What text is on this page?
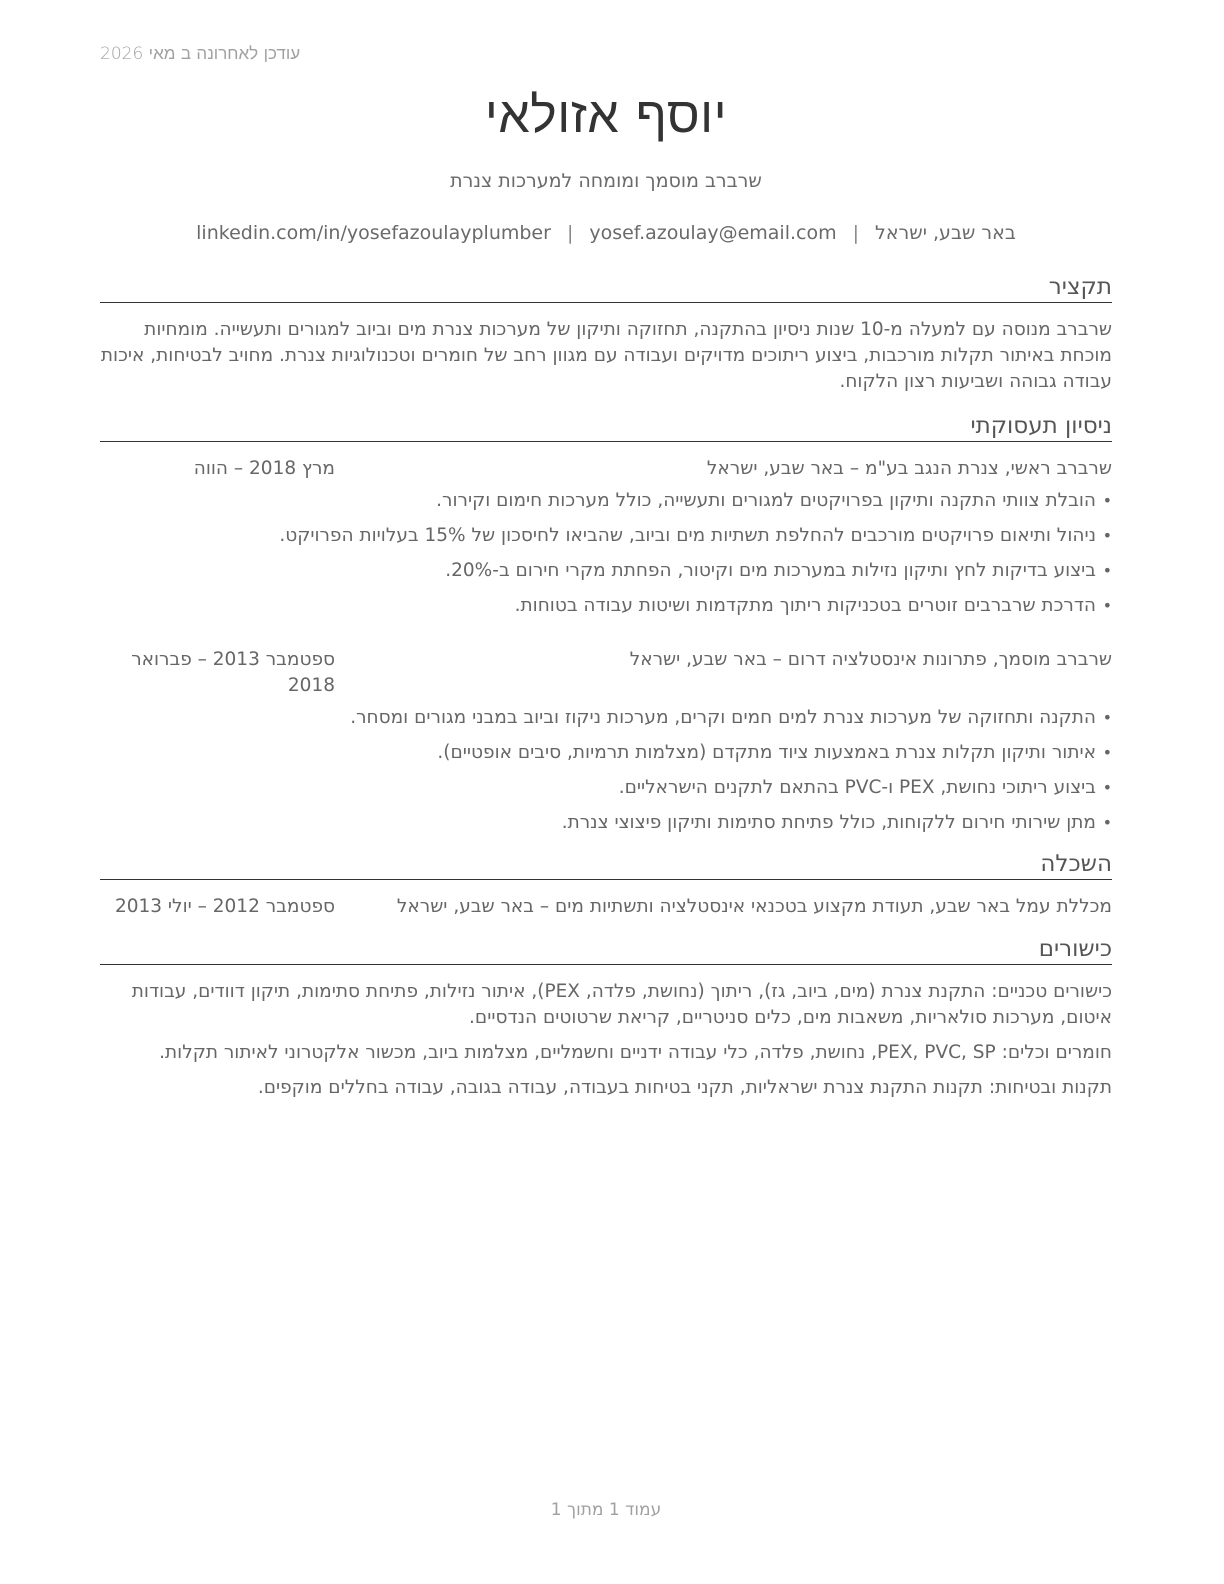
עודכן לאחרונה ב מאי 2026
יוסף אזולאי
שרברב מוסמך ומומחה למערכות צנרת
באר שבע, ישראל|yosef.azoulay@email.com|linkedin.com/in/yosefazoulayplumber
תקציר
שרברב מנוסה עם למעלה מ-10 שנות ניסיון בהתקנה, תחזוקה ותיקון של מערכות צנרת מים וביוב למגורים ותעשייה. מומחיות מוכחת באיתור תקלות מורכבות, ביצוע ריתוכים מדויקים ועבודה עם מגוון רחב של חומרים וטכנולוגיות צנרת. מחויב לבטיחות, איכות עבודה גבוהה ושביעות רצון הלקוח.
ניסיון תעסוקתי
שרברב ראשי, צנרת הנגב בע"מ – באר שבע, ישראל
מרץ 2018 – הווה
• הובלת צוותי התקנה ותיקון בפרויקטים למגורים ותעשייה, כולל מערכות חימום וקירור.
• ניהול ותיאום פרויקטים מורכבים להחלפת תשתיות מים וביוב, שהביאו לחיסכון של 15% בעלויות הפרויקט.
• ביצוע בדיקות לחץ ותיקון נזילות במערכות מים וקיטור, הפחתת מקרי חירום ב-20%.
• הדרכת שרברבים זוטרים בטכניקות ריתוך מתקדמות ושיטות עבודה בטוחות.
שרברב מוסמך, פתרונות אינסטלציה דרום – באר שבע, ישראל
ספטמבר 2013 – פברואר 2018
• התקנה ותחזוקה של מערכות צנרת למים חמים וקרים, מערכות ניקוז וביוב במבני מגורים ומסחר.
• איתור ותיקון תקלות צנרת באמצעות ציוד מתקדם (מצלמות תרמיות, סיבים אופטיים).
• ביצוע ריתוכי נחושת, PEX ו-PVC בהתאם לתקנים הישראליים.
• מתן שירותי חירום ללקוחות, כולל פתיחת סתימות ותיקון פיצוצי צנרת.
השכלה
מכללת עמל באר שבע, תעודת מקצוע בטכנאי אינסטלציה ותשתיות מים – באר שבע, ישראל
ספטמבר 2012 – יולי 2013
כישורים
כישורים טכניים: התקנת צנרת (מים, ביוב, גז), ריתוך (נחושת, פלדה, PEX), איתור נזילות, פתיחת סתימות, תיקון דוודים, עבודות איטום, מערכות סולאריות, משאבות מים, כלים סניטריים, קריאת שרטוטים הנדסיים.
חומרים וכלים: PEX, PVC, SP, נחושת, פלדה, כלי עבודה ידניים וחשמליים, מצלמות ביוב, מכשור אלקטרוני לאיתור תקלות.
תקנות ובטיחות: תקנות התקנת צנרת ישראליות, תקני בטיחות בעבודה, עבודה בגובה, עבודה בחללים מוקפים.
עמוד 1 מתוך 1
